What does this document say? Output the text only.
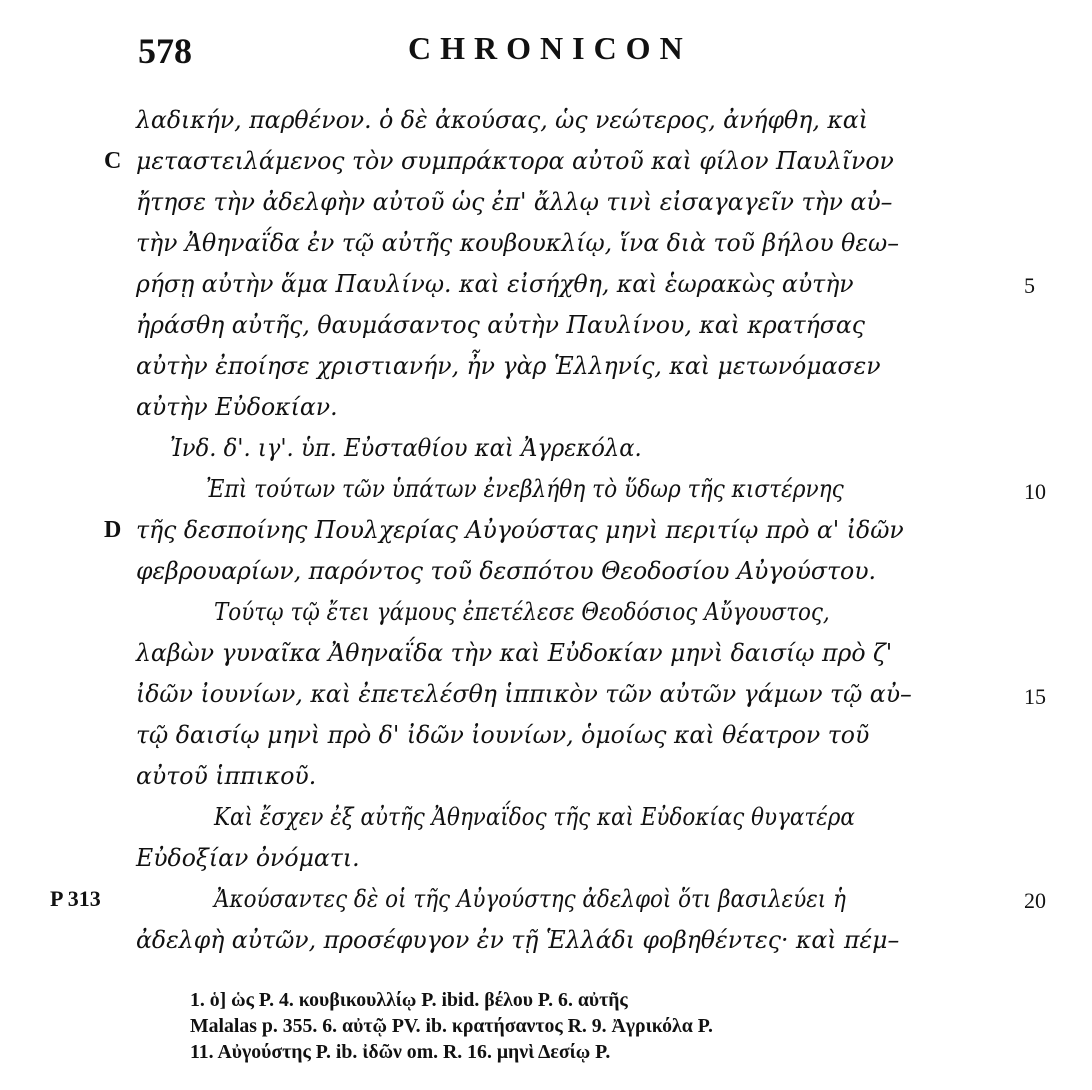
578	CHRONICON
λαδικήν, παρθένον. ὁ δὲ ἀκούσας, ὡς νεώτερος, ἀνήφθη, καὶ
C μεταστειλάμενος τὸν συμπράκτορα αὐτοῦ καὶ φίλον Παυλῖνον
ἤτησε τὴν ἀδελφὴν αὐτοῦ ὡς ἐπ' ἄλλῳ τινὶ εἰσαγαγεῖν τὴν αὐ–
τὴν Ἀθηναΐδα ἐν τῷ αὐτῆς κουβουκλίῳ, ἵνα διὰ τοῦ βήλου θεω–
ρήσῃ αὐτὴν ἅμα Παυλίνῳ. καὶ εἰσήχθη, καὶ ἑωρακὼς αὐτὴν	5
ἠράσθη αὐτῆς, θαυμάσαντος αὐτὴν Παυλίνου, καὶ κρατήσας
αὐτὴν ἐποίησε χριστιανήν, ἦν γὰρ Ἑλληνίς, καὶ μετωνόμασεν
αὐτὴν Εὐδοκίαν.
Ἰνδ. δ'. ιγ'. ὑπ. Εὐσταθίου καὶ Ἀγρεκόλα.
Ἐπὶ τούτων τῶν ὑπάτων ἐνεβλήθη τὸ ὕδωρ τῆς κιστέρνης	10
D τῆς δεσποίνης Πουλχερίας Αὐγούστας μηνὶ περιτίῳ πρὸ α' ἰδῶν
φεβρουαρίων, παρόντος τοῦ δεσπότου Θεοδοσίου Αὐγούστου.
Τούτῳ τῷ ἔτει γάμους ἐπετέλεσε Θεοδόσιος Αὔγουστος,
λαβὼν γυναῖκα Ἀθηναΐδα τὴν καὶ Εὐδοκίαν μηνὶ δαισίῳ πρὸ ζ'
ἰδῶν ἰουνίων, καὶ ἐπετελέσθη ἱππικὸν τῶν αὐτῶν γάμων τῷ αὐ–	15
τῷ δαισίῳ μηνὶ πρὸ δ' ἰδῶν ἰουνίων, ὁμοίως καὶ θέατρον τοῦ
αὐτοῦ ἱππικοῦ.
Καὶ ἔσχεν ἐξ αὐτῆς Ἀθηναΐδος τῆς καὶ Εὐδοκίας θυγατέρα
Εὐδοξίαν ὀνόματι.
P 313	Ἀκούσαντες δὲ οἱ τῆς Αὐγούστης ἀδελφοὶ ὅτι βασιλεύει ἡ	20
ἀδελφὴ αὐτῶν, προσέφυγον ἐν τῇ Ἑλλάδι φοβηθέντες· καὶ πέμ–
1. ὁ] ὡς P. 4. κουβικουλλίῳ P. ibid. βέλου P. 6. αὐτῆς
Malalas p. 355. 6. αὐτῷ PV. ib. κρατήσαντος R. 9. Ἀγρικόλα P.
11. Αὐγούστης P. ib. ἰδῶν om. R. 16. μηνὶ Δεσίῳ P.
